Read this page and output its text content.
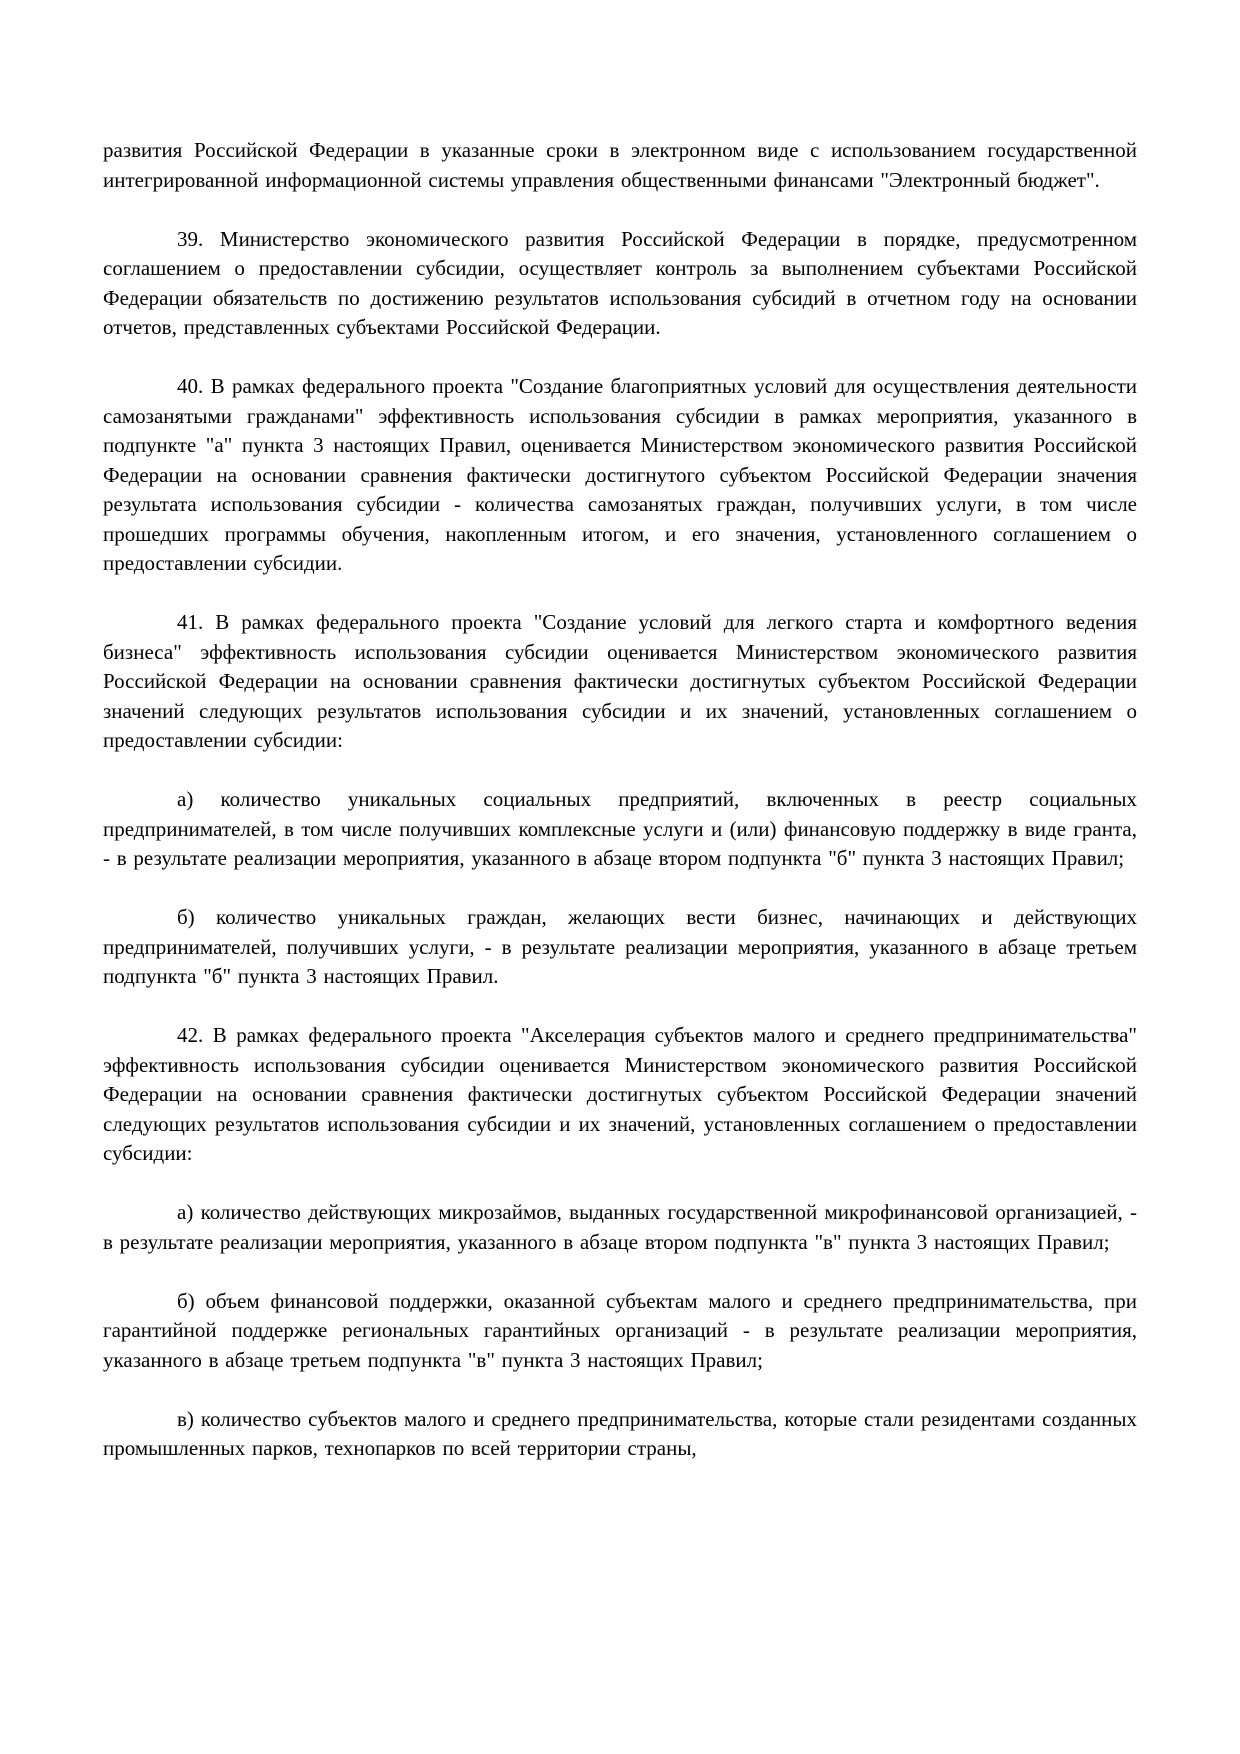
развития Российской Федерации в указанные сроки в электронном виде с использованием государственной интегрированной информационной системы управления общественными финансами "Электронный бюджет".

39. Министерство экономического развития Российской Федерации в порядке, предусмотренном соглашением о предоставлении субсидии, осуществляет контроль за выполнением субъектами Российской Федерации обязательств по достижению результатов использования субсидий в отчетном году на основании отчетов, представленных субъектами Российской Федерации.

40. В рамках федерального проекта "Создание благоприятных условий для осуществления деятельности самозанятыми гражданами" эффективность использования субсидии в рамках мероприятия, указанного в подпункте "а" пункта 3 настоящих Правил, оценивается Министерством экономического развития Российской Федерации на основании сравнения фактически достигнутого субъектом Российской Федерации значения результата использования субсидии - количества самозанятых граждан, получивших услуги, в том числе прошедших программы обучения, накопленным итогом, и его значения, установленного соглашением о предоставлении субсидии.

41. В рамках федерального проекта "Создание условий для легкого старта и комфортного ведения бизнеса" эффективность использования субсидии оценивается Министерством экономического развития Российской Федерации на основании сравнения фактически достигнутых субъектом Российской Федерации значений следующих результатов использования субсидии и их значений, установленных соглашением о предоставлении субсидии:

а) количество уникальных социальных предприятий, включенных в реестр социальных предпринимателей, в том числе получивших комплексные услуги и (или) финансовую поддержку в виде гранта, - в результате реализации мероприятия, указанного в абзаце втором подпункта "б" пункта 3 настоящих Правил;

б) количество уникальных граждан, желающих вести бизнес, начинающих и действующих предпринимателей, получивших услуги, - в результате реализации мероприятия, указанного в абзаце третьем подпункта "б" пункта 3 настоящих Правил.

42. В рамках федерального проекта "Акселерация субъектов малого и среднего предпринимательства" эффективность использования субсидии оценивается Министерством экономического развития Российской Федерации на основании сравнения фактически достигнутых субъектом Российской Федерации значений следующих результатов использования субсидии и их значений, установленных соглашением о предоставлении субсидии:

а) количество действующих микрозаймов, выданных государственной микрофинансовой организацией, - в результате реализации мероприятия, указанного в абзаце втором подпункта "в" пункта 3 настоящих Правил;

б) объем финансовой поддержки, оказанной субъектам малого и среднего предпринимательства, при гарантийной поддержке региональных гарантийных организаций - в результате реализации мероприятия, указанного в абзаце третьем подпункта "в" пункта 3 настоящих Правил;

в) количество субъектов малого и среднего предпринимательства, которые стали резидентами созданных промышленных парков, технопарков по всей территории страны,
